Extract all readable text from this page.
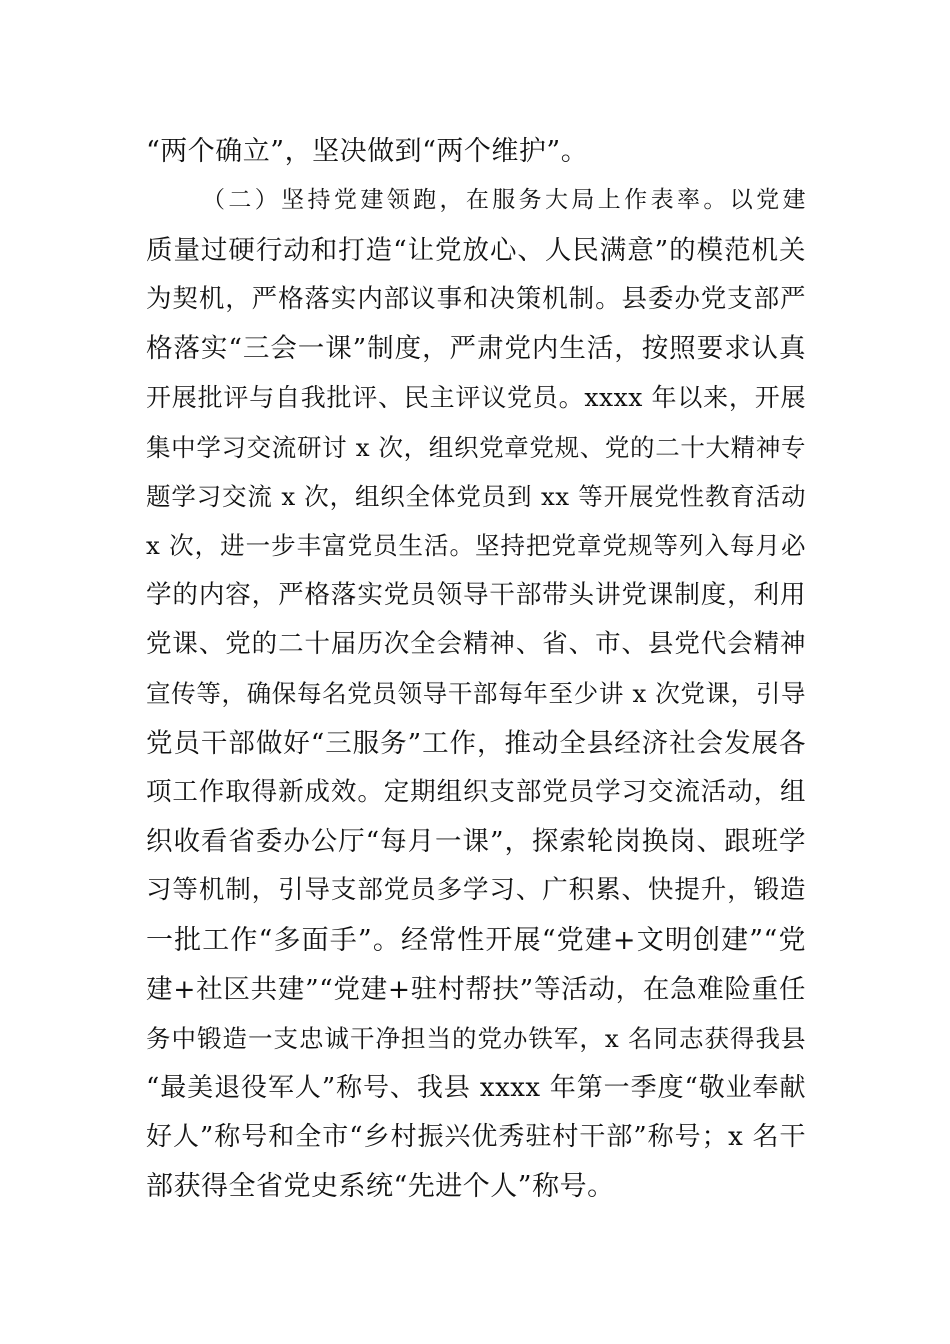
“两个确立”，坚决做到“两个维护”。
（二）坚持党建领跑，在服务大局上作表率。以党建
质量过硬行动和打造“让党放心、人民满意”的模范机关
为契机，严格落实内部议事和决策机制。县委办党支部严
格落实“三会一课”制度，严肃党内生活，按照要求认真
开展批评与自我批评、民主评议党员。xxxx 年以来，开展
集中学习交流研讨 x 次，组织党章党规、党的二十大精神专
题学习交流 x 次，组织全体党员到 xx 等开展党性教育活动
x 次，进一步丰富党员生活。坚持把党章党规等列入每月必
学的内容，严格落实党员领导干部带头讲党课制度，利用
党课、党的二十届历次全会精神、省、市、县党代会精神
宣传等，确保每名党员领导干部每年至少讲 x 次党课，引导
党员干部做好“三服务”工作，推动全县经济社会发展各
项工作取得新成效。定期组织支部党员学习交流活动，组
织收看省委办公厅“每月一课”，探索轮岗换岗、跟班学
习等机制，引导支部党员多学习、广积累、快提升，锻造
一批工作“多面手”。经常性开展“党建+文明创建”“党
建+社区共建”“党建+驻村帮扶”等活动，在急难险重任
务中锻造一支忠诚干净担当的党办铁军，x 名同志获得我县
“最美退役军人”称号、我县 xxxx 年第一季度“敬业奉献
好人”称号和全市“乡村振兴优秀驻村干部”称号；x 名干
部获得全省党史系统“先进个人”称号。
